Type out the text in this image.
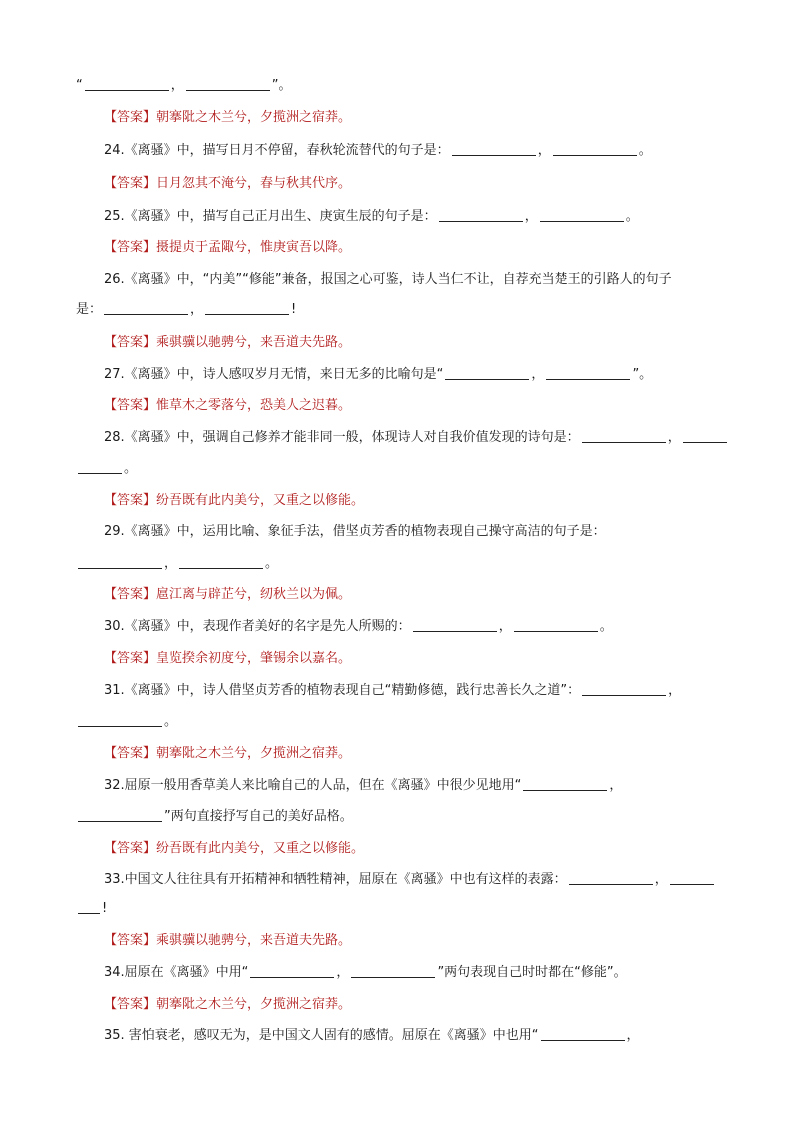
“	，	”。
【答案】朝搴阰之木兰兮，夕揽洲之宿莽。
24.《离骚》中，描写日月不停留，春秋轮流替代的句子是：	，	。
【答案】日月忽其不淹兮，春与秋其代序。
25.《离骚》中，描写自己正月出生、庚寅生辰的句子是：	，	。
【答案】摄提贞于孟陬兮，惟庚寅吾以降。
26.《离骚》中，“内美”“修能”兼备，报国之心可鉴，诗人当仁不让，自荐充当楚王的引路人的句子
是：	，	!
【答案】乘骐骥以驰骋兮，来吾道夫先路。
27.《离骚》中，诗人感叹岁月无情，来日无多的比喻句是“	，	”。
【答案】惟草木之零落兮，恐美人之迟暮。
28.《离骚》中，强调自己修养才能非同一般，体现诗人对自我价值发现的诗句是：	，
。
【答案】纷吾既有此内美兮，又重之以修能。
29.《离骚》中，运用比喻、象征手法，借坚贞芳香的植物表现自己操守高洁的句子是：
，	。
【答案】扈江离与辟芷兮，纫秋兰以为佩。
30.《离骚》中，表现作者美好的名字是先人所赐的：	，	。
【答案】皇览揆余初度兮，肇锡余以嘉名。
31.《离骚》中，诗人借坚贞芳香的植物表现自己“精勤修德，践行忠善长久之道”：	，
。
【答案】朝搴阰之木兰兮，夕揽洲之宿莽。
32.屈原一般用香草美人来比喻自己的人品，但在《离骚》中很少见地用“	，
”两句直接抒写自己的美好品格。
【答案】纷吾既有此内美兮，又重之以修能。
33.中国文人往往具有开拓精神和牺牲精神，屈原在《离骚》中也有这样的表露：	，
!
【答案】乘骐骥以驰骋兮，来吾道夫先路。
34.屈原在《离骚》中用“	，	”两句表现自己时时都在“修能”。
【答案】朝搴阰之木兰兮，夕揽洲之宿莽。
35. 害怕衰老，感叹无为，是中国文人固有的感情。屈原在《离骚》中也用“	，
